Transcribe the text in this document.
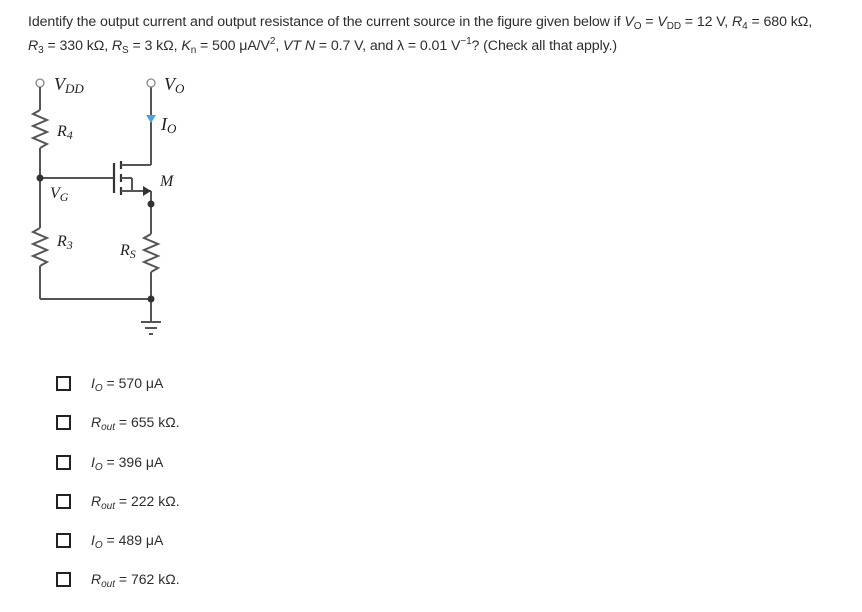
Identify the output current and output resistance of the current source in the figure given below if $V_O = V_{DD} = 12$ V, $R_4 = 680$ kΩ,
$R_3 = 330$ kΩ, $R_S = 3$ kΩ, $K_n = 500$ $\mu A/V^2$, VT N = 0.7 V, and λ = 0.01 $V^{-1}$? (Check all that apply.)
VDD	VO
IO
R4
VG
R3	RS
M
$I_O = 570$ μA
$R_{out} = 655$ kΩ.
$I_O = 396$ μA
$R_{out} = 222$ kΩ.
$I_O = 489$ μA
$R_{out} = 762$ kΩ.
